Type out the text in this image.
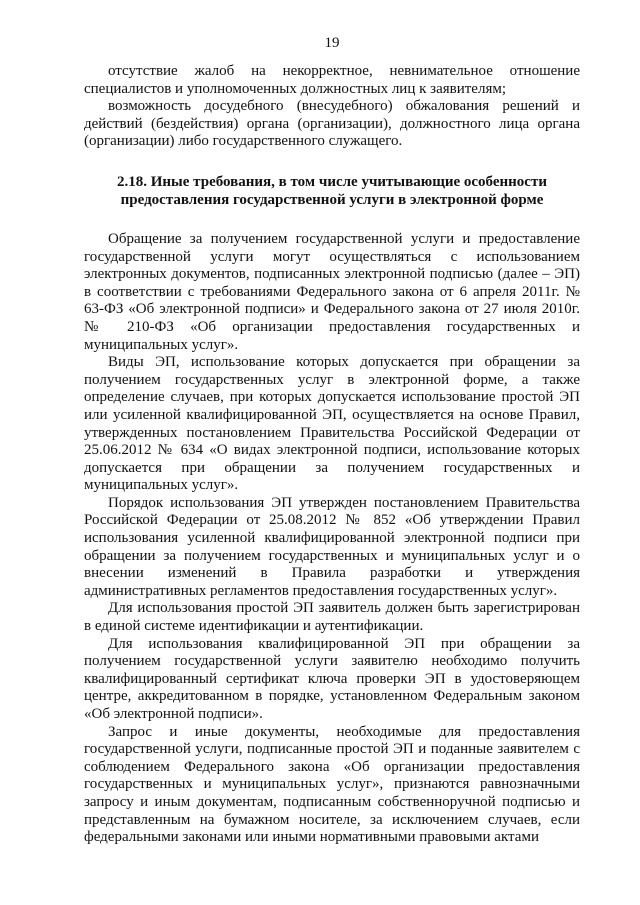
19

отсутствие жалоб на некорректное, невнимательное отношение специалистов и уполномоченных должностных лиц к заявителям;

возможность досудебного (внесудебного) обжалования решений и действий (бездействия) органа (организации), должностного лица органа (организации) либо государственного служащего.

2.18. Иные требования, в том числе учитывающие особенности
предоставления государственной услуги в электронной форме

Обращение за получением государственной услуги и предоставление государственной услуги могут осуществляться с использованием электронных документов, подписанных электронной подписью (далее – ЭП) в соответствии с требованиями Федерального закона от 6 апреля 2011г. № 63-ФЗ «Об электронной подписи» и Федерального закона от 27 июля 2010г. № 210-ФЗ «Об организации предоставления государственных и муниципальных услуг».

Виды ЭП, использование которых допускается при обращении за получением государственных услуг в электронной форме, а также определение случаев, при которых допускается использование простой ЭП или усиленной квалифицированной ЭП, осуществляется на основе Правил, утвержденных постановлением Правительства Российской Федерации от 25.06.2012 № 634 «О видах электронной подписи, использование которых допускается при обращении за получением государственных и муниципальных услуг».

Порядок использования ЭП утвержден постановлением Правительства Российской Федерации от 25.08.2012 № 852 «Об утверждении Правил использования усиленной квалифицированной электронной подписи при обращении за получением государственных и муниципальных услуг и о внесении изменений в Правила разработки и утверждения административных регламентов предоставления государственных услуг».

Для использования простой ЭП заявитель должен быть зарегистрирован в единой системе идентификации и аутентификации.

Для использования квалифицированной ЭП при обращении за получением государственной услуги заявителю необходимо получить квалифицированный сертификат ключа проверки ЭП в удостоверяющем центре, аккредитованном в порядке, установленном Федеральным законом «Об электронной подписи».

Запрос и иные документы, необходимые для предоставления государственной услуги, подписанные простой ЭП и поданные заявителем с соблюдением Федерального закона «Об организации предоставления государственных и муниципальных услуг», признаются равнозначными запросу и иным документам, подписанным собственноручной подписью и представленным на бумажном носителе, за исключением случаев, если федеральными законами или иными нормативными правовыми актами
